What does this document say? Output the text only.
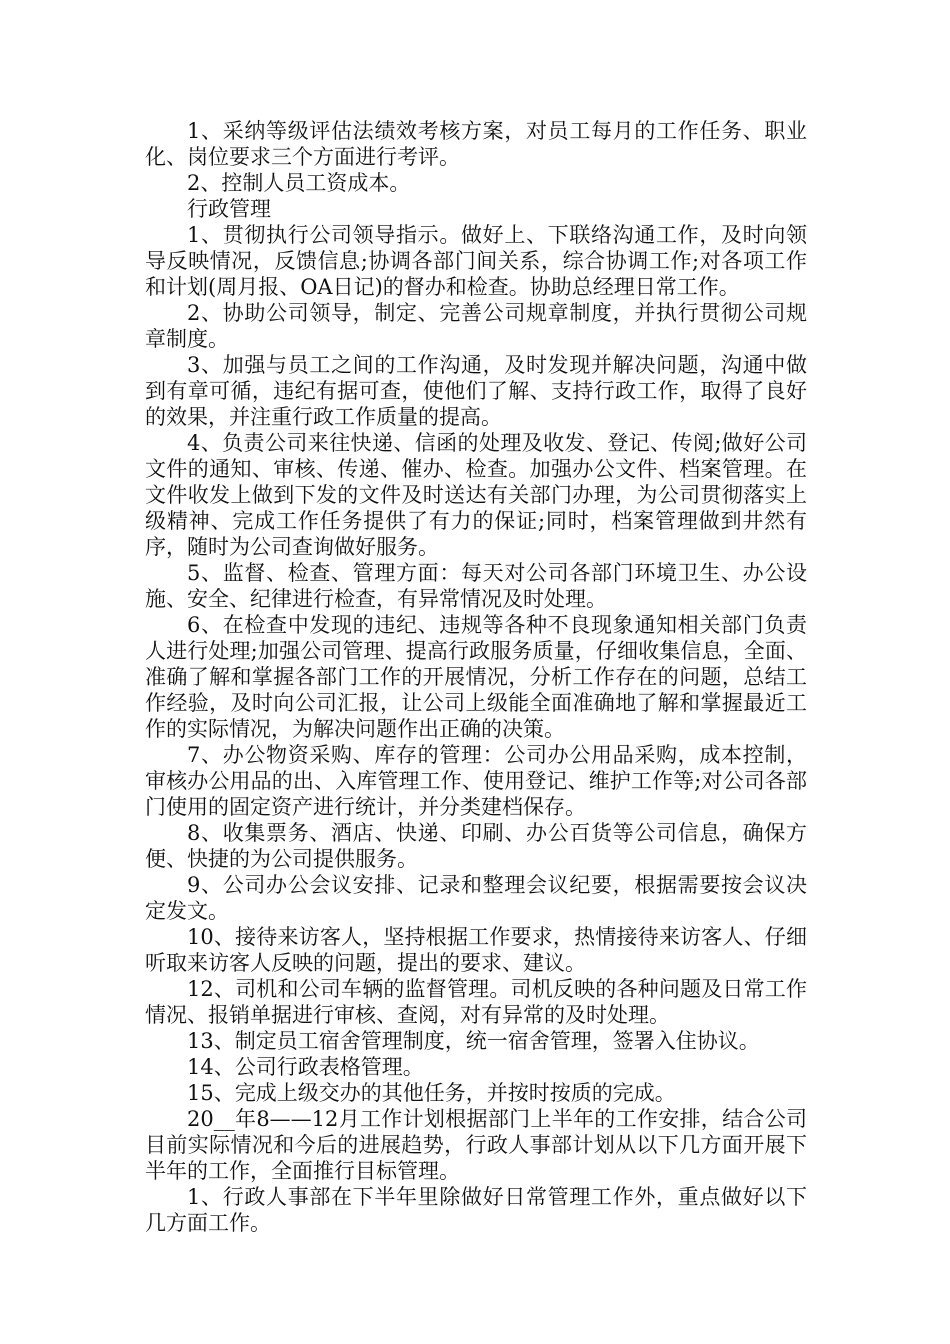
1、采纳等级评估法绩效考核方案，对员工每月的工作任务、职业化、岗位要求三个方面进行考评。

2、控制人员工资成本。

行政管理

1、贯彻执行公司领导指示。做好上、下联络沟通工作，及时向领导反映情况，反馈信息;协调各部门间关系，综合协调工作;对各项工作和计划(周月报、OA日记)的督办和检查。协助总经理日常工作。

2、协助公司领导，制定、完善公司规章制度，并执行贯彻公司规章制度。

3、加强与员工之间的工作沟通，及时发现并解决问题，沟通中做到有章可循，违纪有据可查，使他们了解、支持行政工作，取得了良好的效果，并注重行政工作质量的提高。

4、负责公司来往快递、信函的处理及收发、登记、传阅;做好公司文件的通知、审核、传递、催办、检查。加强办公文件、档案管理。在文件收发上做到下发的文件及时送达有关部门办理，为公司贯彻落实上级精神、完成工作任务提供了有力的保证;同时，档案管理做到井然有序，随时为公司查询做好服务。

5、监督、检查、管理方面：每天对公司各部门环境卫生、办公设施、安全、纪律进行检查，有异常情况及时处理。

6、在检查中发现的违纪、违规等各种不良现象通知相关部门负责人进行处理;加强公司管理、提高行政服务质量，仔细收集信息，全面、准确了解和掌握各部门工作的开展情况，分析工作存在的问题，总结工作经验，及时向公司汇报，让公司上级能全面准确地了解和掌握最近工作的实际情况，为解决问题作出正确的决策。

7、办公物资采购、库存的管理：公司办公用品采购，成本控制，审核办公用品的出、入库管理工作、使用登记、维护工作等;对公司各部门使用的固定资产进行统计，并分类建档保存。

8、收集票务、酒店、快递、印刷、办公百货等公司信息，确保方便、快捷的为公司提供服务。

9、公司办公会议安排、记录和整理会议纪要，根据需要按会议决定发文。

10、接待来访客人，坚持根据工作要求，热情接待来访客人、仔细听取来访客人反映的问题，提出的要求、建议。

12、司机和公司车辆的监督管理。司机反映的各种问题及日常工作情况、报销单据进行审核、查阅，对有异常的及时处理。

13、制定员工宿舍管理制度，统一宿舍管理，签署入住协议。

14、公司行政表格管理。

15、完成上级交办的其他任务，并按时按质的完成。

20__年8——12月工作计划根据部门上半年的工作安排，结合公司目前实际情况和今后的进展趋势，行政人事部计划从以下几方面开展下半年的工作，全面推行目标管理。

1、行政人事部在下半年里除做好日常管理工作外，重点做好以下几方面工作。
